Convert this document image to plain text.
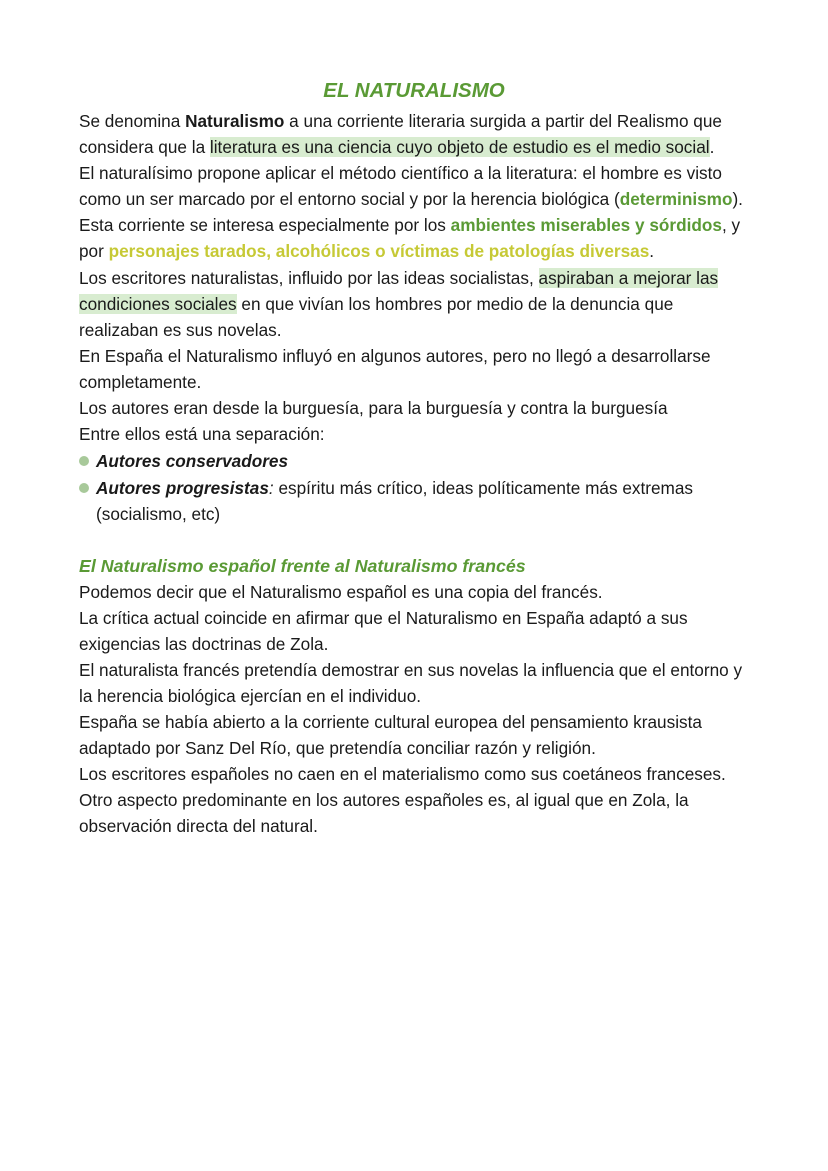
EL NATURALISMO

Se denomina Naturalismo a una corriente literaria surgida a partir del Realismo que considera que la literatura es una ciencia cuyo objeto de estudio es el medio social.

El naturalísimo propone aplicar el método científico a la literatura: el hombre es visto como un ser marcado por el entorno social y por la herencia biológica (determinismo).

Esta corriente se interesa especialmente por los ambientes miserables y sórdidos, y por personajes tarados, alcohólicos o víctimas de patologías diversas.

Los escritores naturalistas, influido por las ideas socialistas, aspiraban a mejorar las condiciones sociales en que vivían los hombres por medio de la denuncia que realizaban es sus novelas.

En España el Naturalismo influyó en algunos autores, pero no llegó a desarrollarse completamente.

Los autores eran desde la burguesía, para la burguesía y contra la burguesía

Entre ellos está una separación:

Autores conservadores
Autores progresistas: espíritu más crítico, ideas políticamente más extremas (socialismo, etc)
El Naturalismo español frente al Naturalismo francés

Podemos decir que el Naturalismo español es una copia del francés.

La crítica actual coincide en afirmar que el Naturalismo en España adaptó a sus exigencias las doctrinas de Zola.

El naturalista francés pretendía demostrar en sus novelas la influencia que el entorno y la herencia biológica ejercían en el individuo.

España se había abierto a la corriente cultural europea del pensamiento krausista adaptado por Sanz Del Río, que pretendía conciliar razón y religión.

Los escritores españoles no caen en el materialismo como sus coetáneos franceses.

Otro aspecto predominante en los autores españoles es, al igual que en Zola, la observación directa del natural.
